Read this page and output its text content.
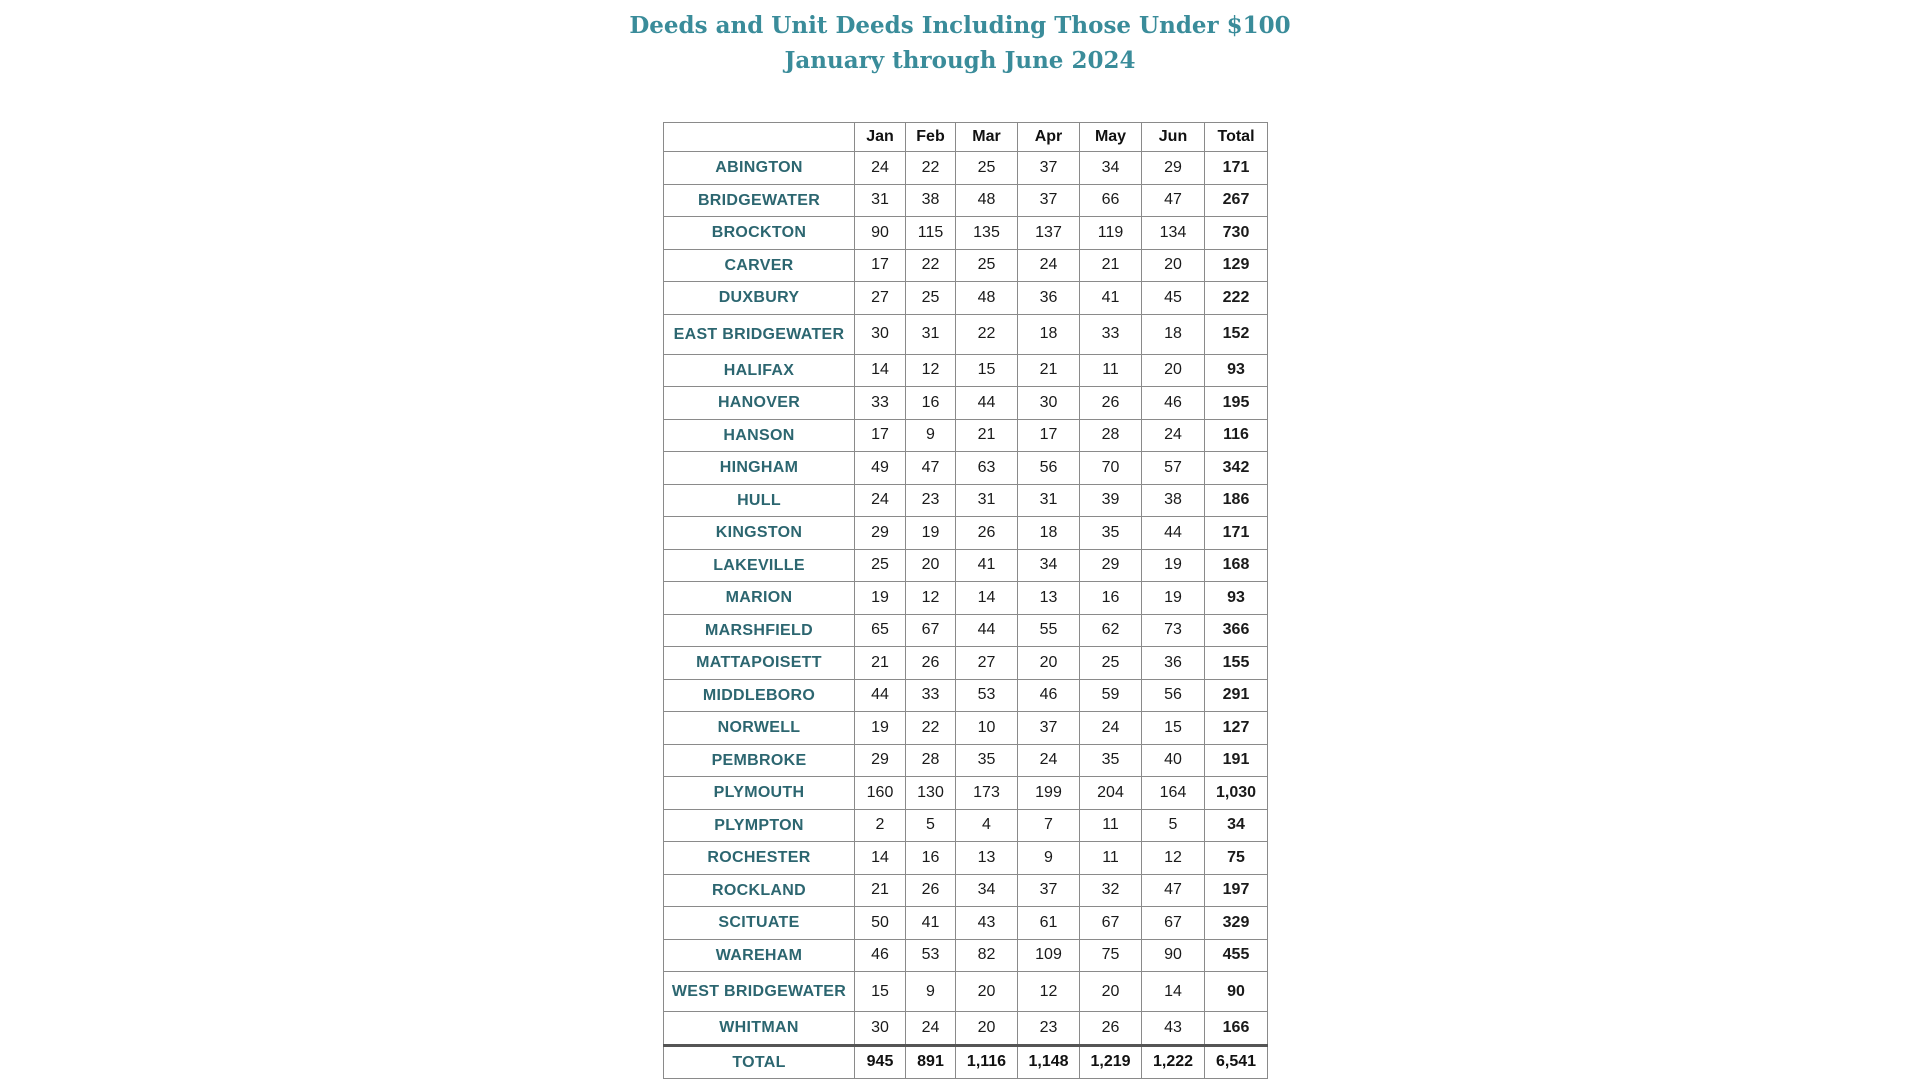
Deeds and Unit Deeds Including Those Under $100
January through June 2024
	Jan	Feb	Mar	Apr	May	Jun	Total
ABINGTON	24	22	25	37	34	29	171
BRIDGEWATER	31	38	48	37	66	47	267
BROCKTON	90	115	135	137	119	134	730
CARVER	17	22	25	24	21	20	129
DUXBURY	27	25	48	36	41	45	222
EAST BRIDGEWATER	30	31	22	18	33	18	152
HALIFAX	14	12	15	21	11	20	93
HANOVER	33	16	44	30	26	46	195
HANSON	17	9	21	17	28	24	116
HINGHAM	49	47	63	56	70	57	342
HULL	24	23	31	31	39	38	186
KINGSTON	29	19	26	18	35	44	171
LAKEVILLE	25	20	41	34	29	19	168
MARION	19	12	14	13	16	19	93
MARSHFIELD	65	67	44	55	62	73	366
MATTAPOISETT	21	26	27	20	25	36	155
MIDDLEBORO	44	33	53	46	59	56	291
NORWELL	19	22	10	37	24	15	127
PEMBROKE	29	28	35	24	35	40	191
PLYMOUTH	160	130	173	199	204	164	1,030
PLYMPTON	2	5	4	7	11	5	34
ROCHESTER	14	16	13	9	11	12	75
ROCKLAND	21	26	34	37	32	47	197
SCITUATE	50	41	43	61	67	67	329
WAREHAM	46	53	82	109	75	90	455
WEST BRIDGEWATER	15	9	20	12	20	14	90
WHITMAN	30	24	20	23	26	43	166
TOTAL	945	891	1,116	1,148	1,219	1,222	6,541
